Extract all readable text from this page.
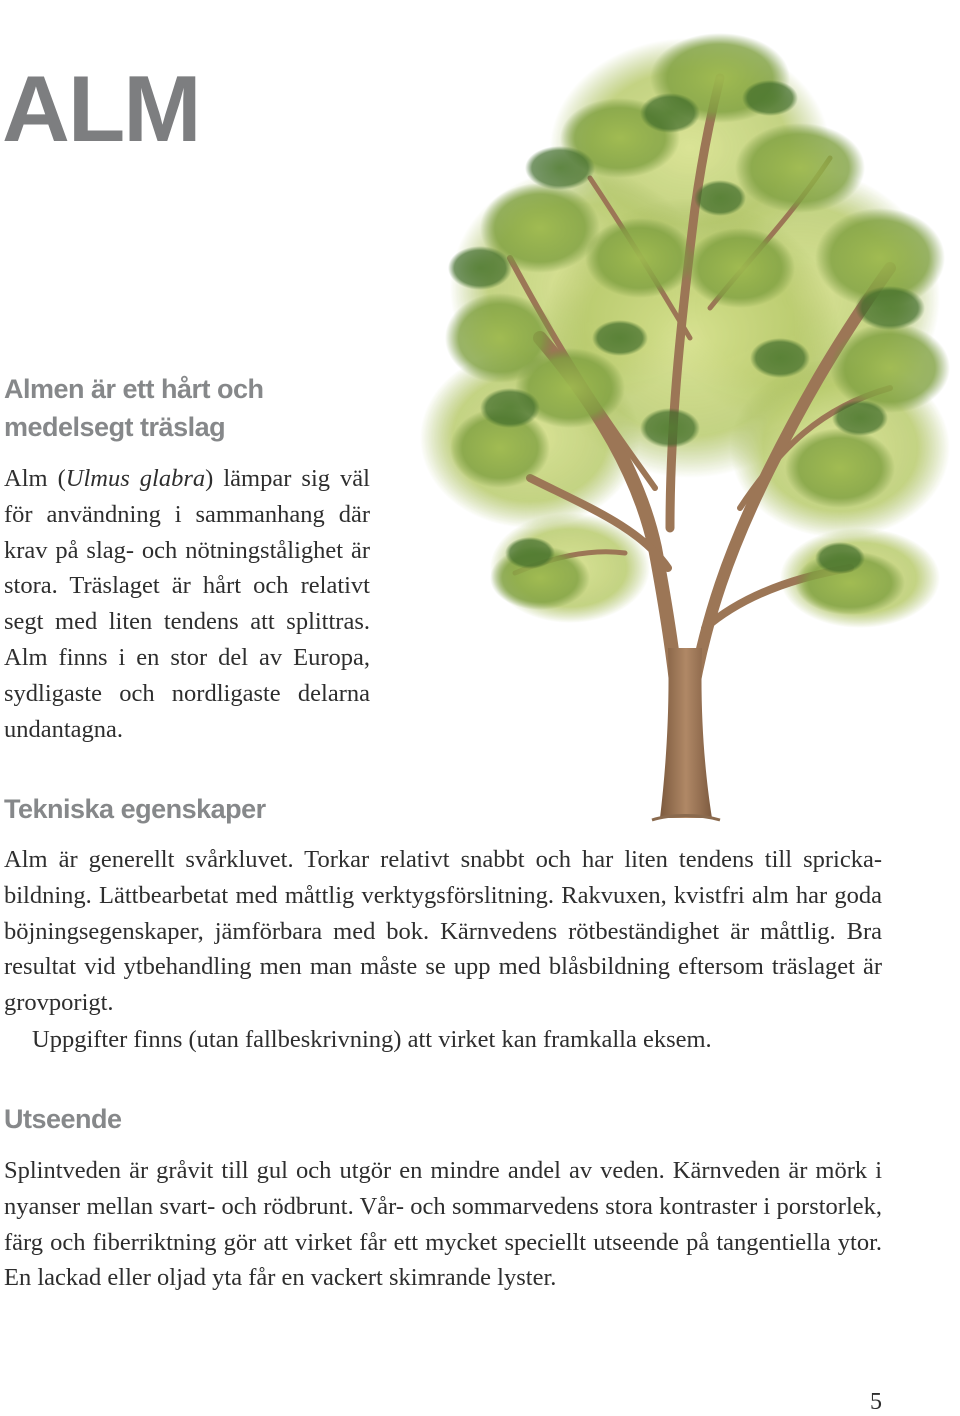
ALM
Almen är ett hårt och medelsegt träslag

Alm (Ulmus glabra) lämpar sig väl för användning i sammanhang där krav på slag- och nötningstålighet är stora. Träslaget är hårt och relativt segt med liten tendens att splittras. Alm finns i en stor del av Europa, sydligaste och nordligaste delarna undantagna.

Tekniska egenskaper

Alm är generellt svårkluvet. Torkar relativt snabbt och har liten tendens till sprickabildning. Lättbearbetat med måttlig verktygsförslitning. Rakvuxen, kvistfri alm har goda böjningsegenskaper, jämförbara med bok. Kärnvedens rötbeständighet är måttlig. Bra resultat vid ytbehandling men man måste se upp med blåsbildning eftersom träslaget är grovporigt.

Uppgifter finns (utan fallbeskrivning) att virket kan framkalla eksem.

Utseende

Splintveden är gråvit till gul och utgör en mindre andel av veden. Kärnveden är mörk i nyanser mellan svart- och rödbrunt. Vår- och sommarvedens stora kontraster i porstorlek, färg och fiberriktning gör att virket får ett mycket speciellt utseende på tangentiella ytor. En lackad eller oljad yta får en vackert skimrande lyster.

5
